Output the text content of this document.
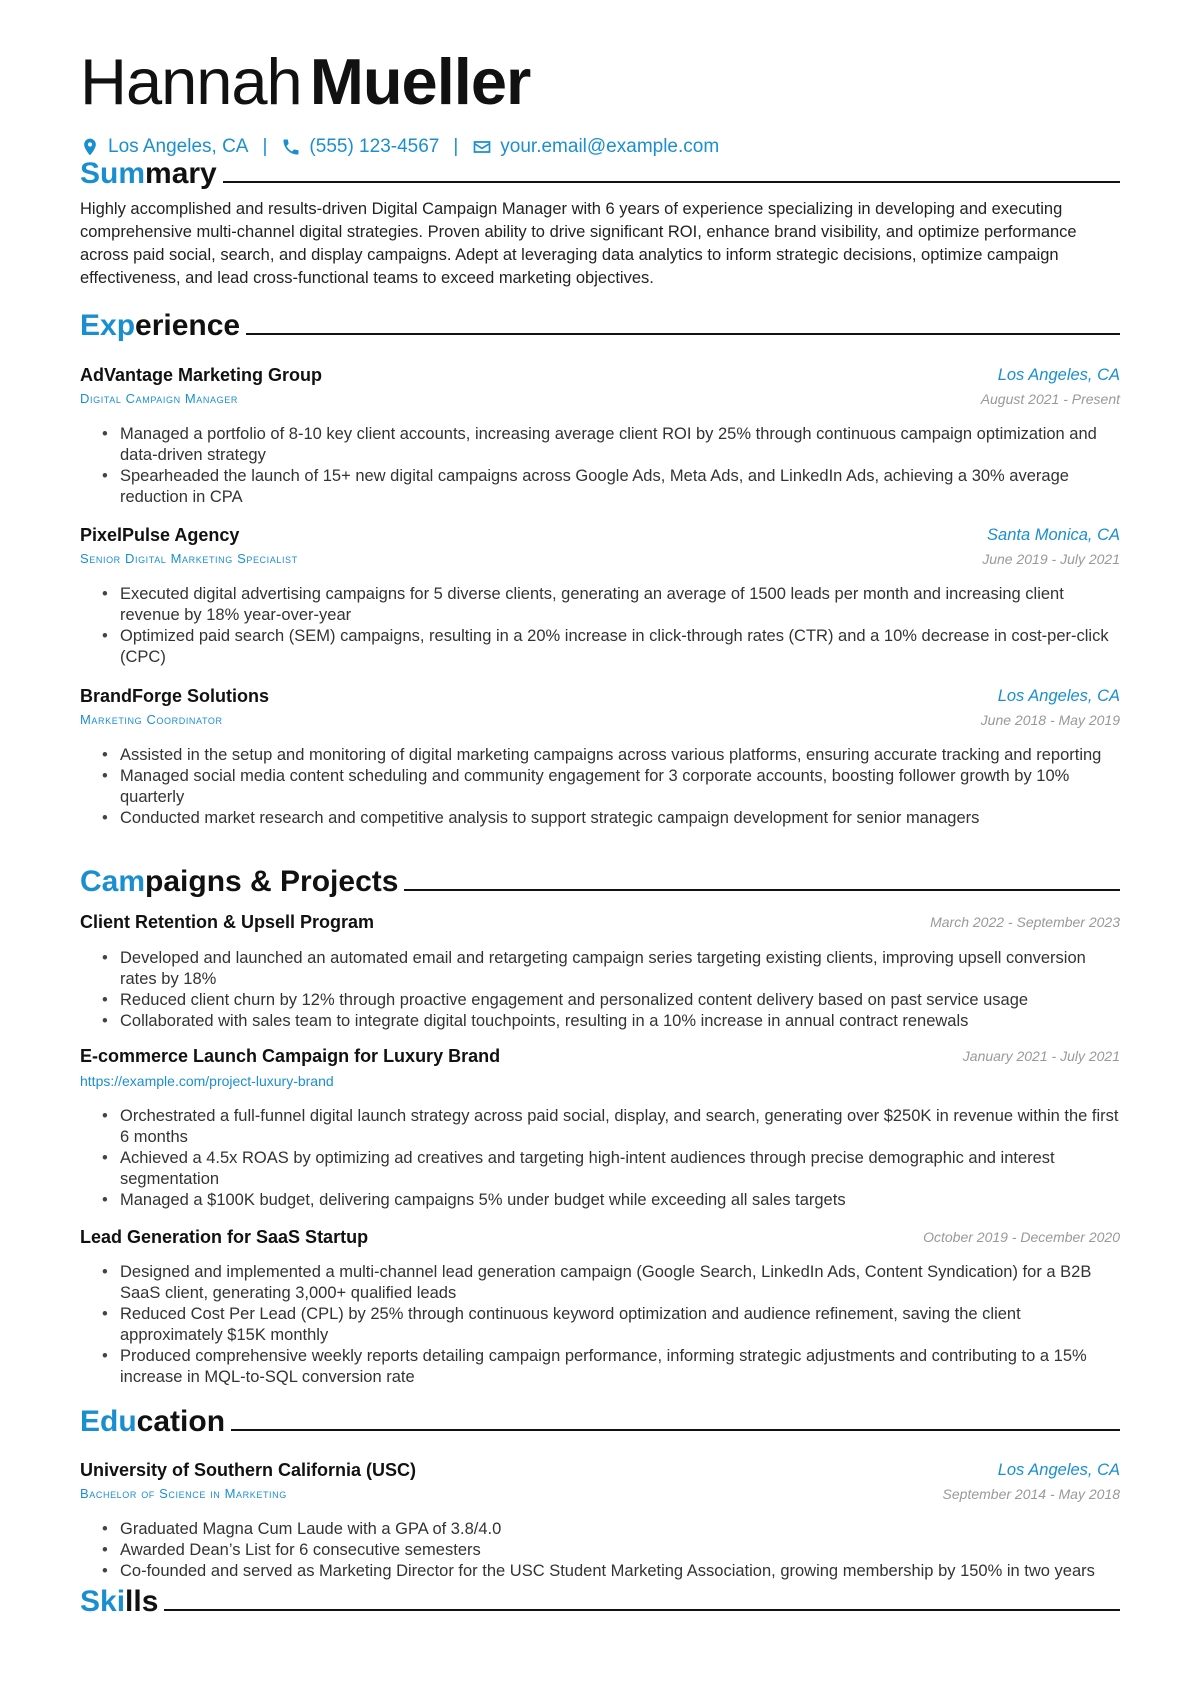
Hannah Mueller
Los Angeles, CA | (555) 123-4567 | your.email@example.com
Summary
Highly accomplished and results-driven Digital Campaign Manager with 6 years of experience specializing in developing and executing comprehensive multi-channel digital strategies. Proven ability to drive significant ROI, enhance brand visibility, and optimize performance across paid social, search, and display campaigns. Adept at leveraging data analytics to inform strategic decisions, optimize campaign effectiveness, and lead cross-functional teams to exceed marketing objectives.
Experience
AdVantage Marketing Group	Los Angeles, CA
Digital Campaign Manager	August 2021 - Present
• Managed a portfolio of 8-10 key client accounts, increasing average client ROI by 25% through continuous campaign optimization and data-driven strategy
• Spearheaded the launch of 15+ new digital campaigns across Google Ads, Meta Ads, and LinkedIn Ads, achieving a 30% average reduction in CPA
PixelPulse Agency	Santa Monica, CA
Senior Digital Marketing Specialist	June 2019 - July 2021
• Executed digital advertising campaigns for 5 diverse clients, generating an average of 1500 leads per month and increasing client revenue by 18% year-over-year
• Optimized paid search (SEM) campaigns, resulting in a 20% increase in click-through rates (CTR) and a 10% decrease in cost-per-click (CPC)
BrandForge Solutions	Los Angeles, CA
Marketing Coordinator	June 2018 - May 2019
• Assisted in the setup and monitoring of digital marketing campaigns across various platforms, ensuring accurate tracking and reporting
• Managed social media content scheduling and community engagement for 3 corporate accounts, boosting follower growth by 10% quarterly
• Conducted market research and competitive analysis to support strategic campaign development for senior managers
Campaigns & Projects
Client Retention & Upsell Program	March 2022 - September 2023
• Developed and launched an automated email and retargeting campaign series targeting existing clients, improving upsell conversion rates by 18%
• Reduced client churn by 12% through proactive engagement and personalized content delivery based on past service usage
• Collaborated with sales team to integrate digital touchpoints, resulting in a 10% increase in annual contract renewals
E-commerce Launch Campaign for Luxury Brand	January 2021 - July 2021
https://example.com/project-luxury-brand
• Orchestrated a full-funnel digital launch strategy across paid social, display, and search, generating over $250K in revenue within the first 6 months
• Achieved a 4.5x ROAS by optimizing ad creatives and targeting high-intent audiences through precise demographic and interest segmentation
• Managed a $100K budget, delivering campaigns 5% under budget while exceeding all sales targets
Lead Generation for SaaS Startup	October 2019 - December 2020
• Designed and implemented a multi-channel lead generation campaign (Google Search, LinkedIn Ads, Content Syndication) for a B2B SaaS client, generating 3,000+ qualified leads
• Reduced Cost Per Lead (CPL) by 25% through continuous keyword optimization and audience refinement, saving the client approximately $15K monthly
• Produced comprehensive weekly reports detailing campaign performance, informing strategic adjustments and contributing to a 15% increase in MQL-to-SQL conversion rate
Education
University of Southern California (USC)	Los Angeles, CA
Bachelor of Science in Marketing	September 2014 - May 2018
• Graduated Magna Cum Laude with a GPA of 3.8/4.0
• Awarded Dean’s List for 6 consecutive semesters
• Co-founded and served as Marketing Director for the USC Student Marketing Association, growing membership by 150% in two years
Skills
